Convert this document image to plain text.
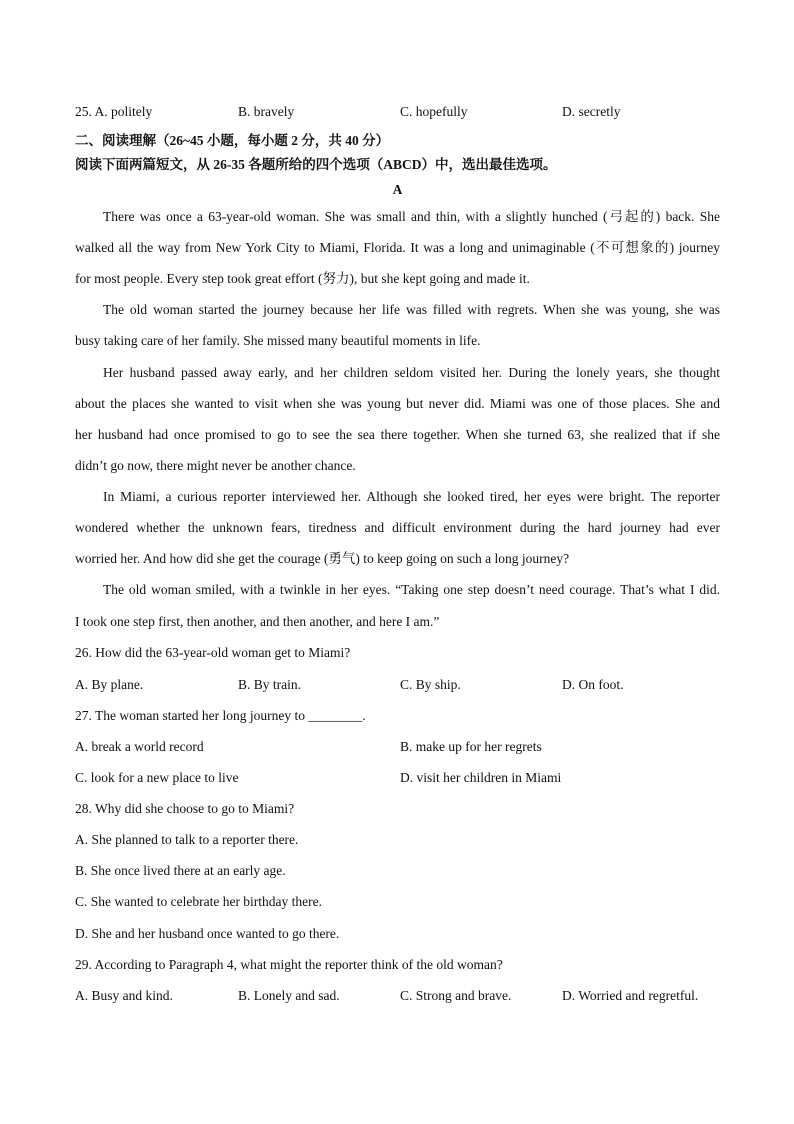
25. A. politely	B. bravely	C. hopefully	D. secretly
二、阅读理解（26~45 小题，每小题 2 分，共 40 分）
阅读下面两篇短文，从 26-35 各题所给的四个选项（ABCD）中，选出最佳选项。
A
There was once a 63-year-old woman. She was small and thin, with a slightly hunched (弓起的) back. She
walked all the way from New York City to Miami, Florida. It was a long and unimaginable (不可想象的) journey
for most people. Every step took great effort (努力), but she kept going and made it.
The old woman started the journey because her life was filled with regrets. When she was young, she was
busy taking care of her family. She missed many beautiful moments in life.
Her husband passed away early, and her children seldom visited her. During the lonely years, she thought
about the places she wanted to visit when she was young but never did. Miami was one of those places. She and
her husband had once promised to go to see the sea there together. When she turned 63, she realized that if she
didn’t go now, there might never be another chance.
In Miami, a curious reporter interviewed her. Although she looked tired, her eyes were bright. The reporter
wondered whether the unknown fears, tiredness and difficult environment during the hard journey had ever
worried her. And how did she get the courage (勇气) to keep going on such a long journey?
The old woman smiled, with a twinkle in her eyes. “Taking one step doesn’t need courage. That’s what I did.
I took one step first, then another, and then another, and here I am.”
26. How did the 63-year-old woman get to Miami?
A. By plane.	B. By train.	C. By ship.	D. On foot.
27. The woman started her long journey to ________.
A. break a world record	B. make up for her regrets
C. look for a new place to live	D. visit her children in Miami
28. Why did she choose to go to Miami?
A. She planned to talk to a reporter there.
B. She once lived there at an early age.
C. She wanted to celebrate her birthday there.
D. She and her husband once wanted to go there.
29. According to Paragraph 4, what might the reporter think of the old woman?
A. Busy and kind.	B. Lonely and sad.	C. Strong and brave.	D. Worried and regretful.
